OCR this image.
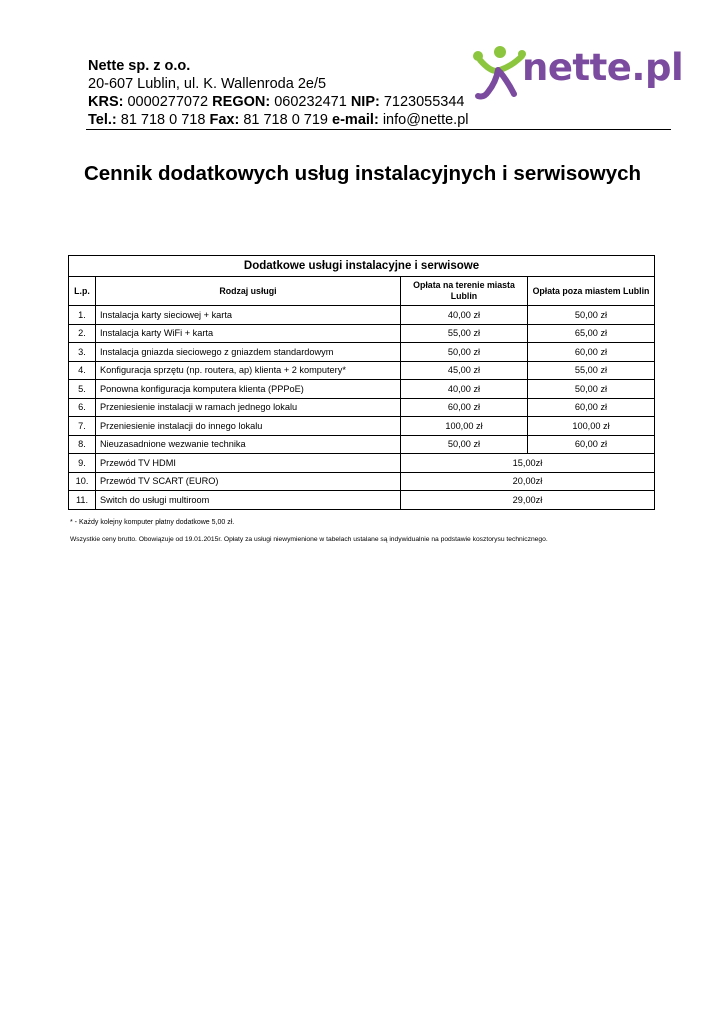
Nette sp. z o.o.
20-607 Lublin, ul. K. Wallenroda 2e/5
KRS: 0000277072 REGON: 060232471 NIP: 7123055344
Tel.: 81 718 0 718 Fax: 81 718 0 719 e-mail: info@nette.pl
nette.pl
Cennik dodatkowych usług instalacyjnych i serwisowych
Dodatkowe usługi instalacyjne i serwisowe			
L.p.	Rodzaj usługi	Opłata na terenie miasta Lublin	Opłata poza miastem Lublin
1.	Instalacja karty sieciowej + karta	40,00 zł	50,00 zł
2.	Instalacja karty WiFi + karta	55,00 zł	65,00 zł
3.	Instalacja gniazda sieciowego z gniazdem standardowym	50,00 zł	60,00 zł
4.	Konfiguracja sprzętu (np. routera, ap) klienta + 2 komputery*	45,00 zł	55,00 zł
5.	Ponowna konfiguracja komputera klienta (PPPoE)	40,00 zł	50,00 zł
6.	Przeniesienie instalacji w ramach jednego lokalu	60,00 zł	60,00 zł
7.	Przeniesienie instalacji do innego lokalu	100,00 zł	100,00 zł
8.	Nieuzasadnione wezwanie technika	50,00 zł	60,00 zł
9.	Przewód TV HDMI	15,00zł	
10.	Przewód TV SCART (EURO)	20,00zł	
11.	Switch do usługi multiroom	29,00zł	
* - Każdy kolejny komputer płatny dodatkowe 5,00 zł.
Wszystkie ceny brutto. Obowiązuje od 19.01.2015r. Opłaty za usługi niewymienione w tabelach ustalane są indywidualnie na podstawie kosztorysu technicznego.
